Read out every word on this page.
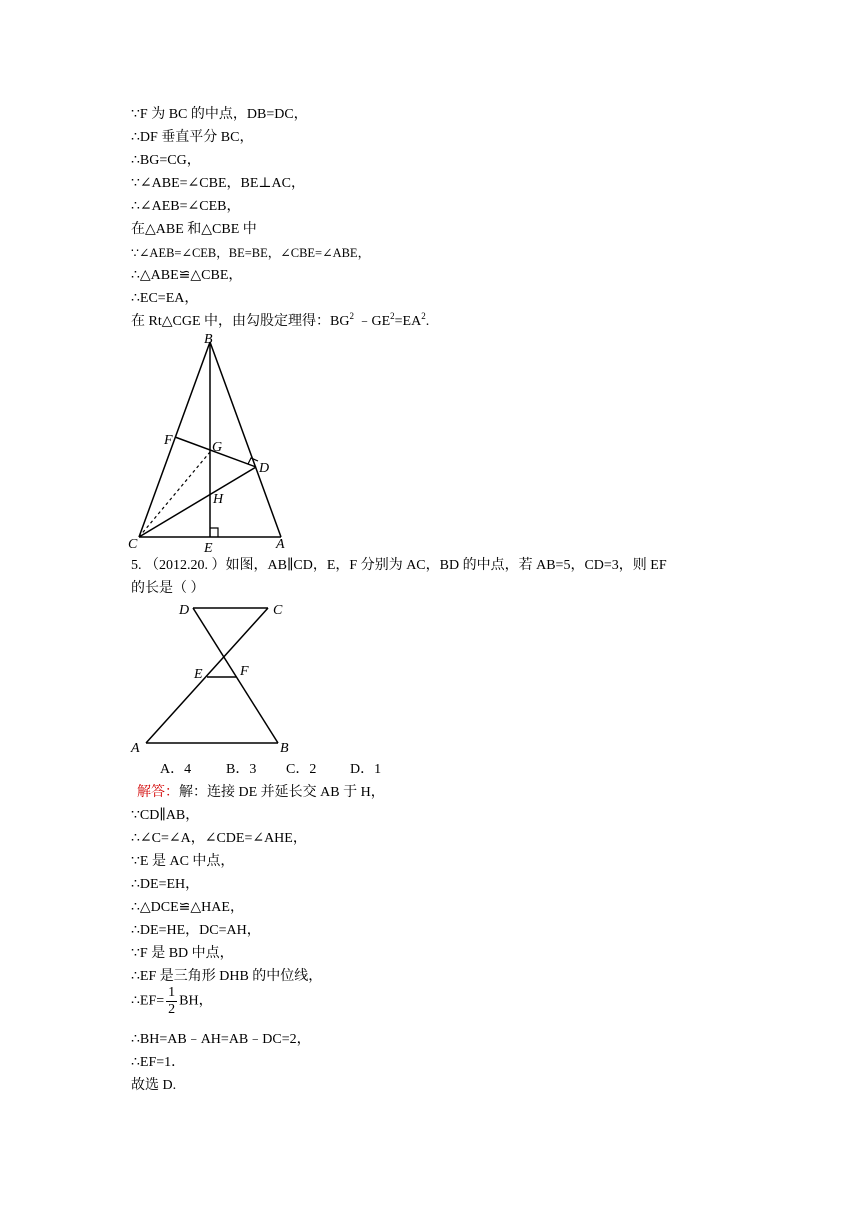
∵F 为 BC 的中点，DB=DC，
∴DF 垂直平分 BC，
∴BG=CG，
∵∠ABE=∠CBE，BE⊥AC，
∴∠AEB=∠CEB，
在△ABE 和△CBE 中
∵∠AEB=∠CEB，BE=BE，∠CBE=∠ABE，
∴△ABE≌△CBE，
∴EC=EA，
在 Rt△CGE 中，由勾股定理得：$BG^2$ $﹣GE^2=EA^2$.
B
F	G
D
H
C	E	A
5. （2012.20. ）如图，AB∥CD，E，F 分别为 AC，BD 的中点，若 AB=5，CD=3，则 EF
的长是（ ）
D	C
E	F
A	B
A．4 B．3 C．2 D．1
解答：解：连接 DE 并延长交 AB 于 H，
∵CD∥AB，
∴∠C=∠A，∠CDE=∠AHE，
∵E 是 AC 中点，
∴DE=EH，
∴△DCE≌△HAE，
∴DE=HE，DC=AH，
∵F 是 BD 中点，
∴EF 是三角形 DHB 的中位线，
∴EF= $\frac{1}{2}$ BH，
∴BH=AB﹣AH=AB﹣DC=2，
∴EF=1．
故选 D.
